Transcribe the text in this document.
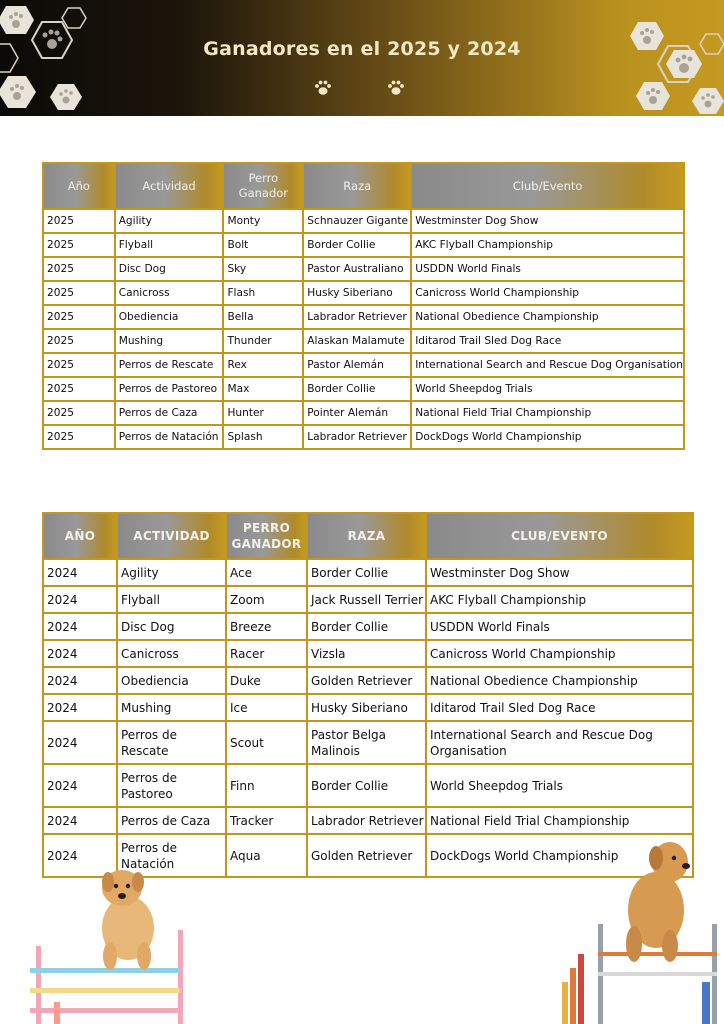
Ganadores en el 2025 y 2024
Año	Actividad	Perro Ganador	Raza	Club/Evento
2025	Agility	Monty	Schnauzer Gigante	Westminster Dog Show
2025	Flyball	Bolt	Border Collie	AKC Flyball Championship
2025	Disc Dog	Sky	Pastor Australiano	USDDN World Finals
2025	Canicross	Flash	Husky Siberiano	Canicross World Championship
2025	Obediencia	Bella	Labrador Retriever	National Obedience Championship
2025	Mushing	Thunder	Alaskan Malamute	Iditarod Trail Sled Dog Race
2025	Perros de Rescate	Rex	Pastor Alemán	International Search and Rescue Dog Organisation
2025	Perros de Pastoreo	Max	Border Collie	World Sheepdog Trials
2025	Perros de Caza	Hunter	Pointer Alemán	National Field Trial Championship
2025	Perros de Natación	Splash	Labrador Retriever	DockDogs World Championship
AÑO	ACTIVIDAD	PERRO GANADOR	RAZA	CLUB/EVENTO
2024	Agility	Ace	Border Collie	Westminster Dog Show
2024	Flyball	Zoom	Jack Russell Terrier	AKC Flyball Championship
2024	Disc Dog	Breeze	Border Collie	USDDN World Finals
2024	Canicross	Racer	Vizsla	Canicross World Championship
2024	Obediencia	Duke	Golden Retriever	National Obedience Championship
2024	Mushing	Ice	Husky Siberiano	Iditarod Trail Sled Dog Race
2024	Perros de Rescate	Scout	Pastor Belga Malinois	International Search and Rescue Dog Organisation
2024	Perros de Pastoreo	Finn	Border Collie	World Sheepdog Trials
2024	Perros de Caza	Tracker	Labrador Retriever	National Field Trial Championship
2024	Perros de Natación	Aqua	Golden Retriever	DockDogs World Championship
